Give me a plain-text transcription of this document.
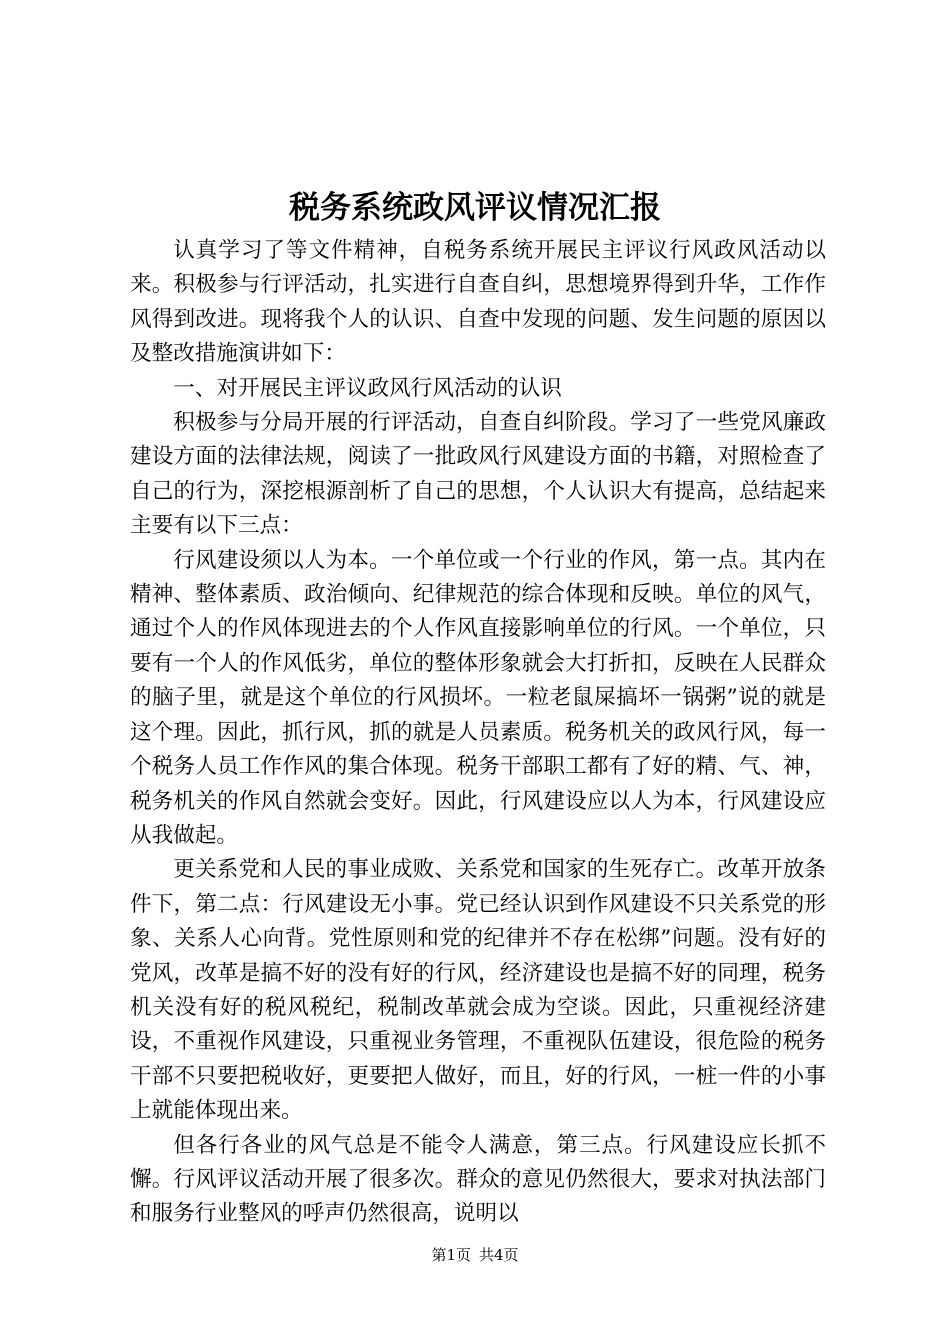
税务系统政风评议情况汇报

认真学习了等文件精神，自税务系统开展民主评议行风政风活动以来。积极参与行评活动，扎实进行自查自纠，思想境界得到升华，工作作风得到改进。现将我个人的认识、自查中发现的问题、发生问题的原因以及整改措施演讲如下：

一、对开展民主评议政风行风活动的认识

积极参与分局开展的行评活动，自查自纠阶段。学习了一些党风廉政建设方面的法律法规，阅读了一批政风行风建设方面的书籍，对照检查了自己的行为，深挖根源剖析了自己的思想，个人认识大有提高，总结起来主要有以下三点：

行风建设须以人为本。一个单位或一个行业的作风，第一点。其内在精神、整体素质、政治倾向、纪律规范的综合体现和反映。单位的风气，通过个人的作风体现进去的个人作风直接影响单位的行风。一个单位，只要有一个人的作风低劣，单位的整体形象就会大打折扣，反映在人民群众的脑子里，就是这个单位的行风损坏。一粒老鼠屎搞坏一锅粥”说的就是这个理。因此，抓行风，抓的就是人员素质。税务机关的政风行风，每一个税务人员工作作风的集合体现。税务干部职工都有了好的精、气、神，税务机关的作风自然就会变好。因此，行风建设应以人为本，行风建设应从我做起。

更关系党和人民的事业成败、关系党和国家的生死存亡。改革开放条件下，第二点：行风建设无小事。党已经认识到作风建设不只关系党的形象、关系人心向背。党性原则和党的纪律并不存在松绑”问题。没有好的党风，改革是搞不好的没有好的行风，经济建设也是搞不好的同理，税务机关没有好的税风税纪，税制改革就会成为空谈。因此，只重视经济建设，不重视作风建设，只重视业务管理，不重视队伍建设，很危险的税务干部不只要把税收好，更要把人做好，而且，好的行风，一桩一件的小事上就能体现出来。

但各行各业的风气总是不能令人满意，第三点。行风建设应长抓不懈。行风评议活动开展了很多次。群众的意见仍然很大，要求对执法部门和服务行业整风的呼声仍然很高，说明以

第1页 共4页
